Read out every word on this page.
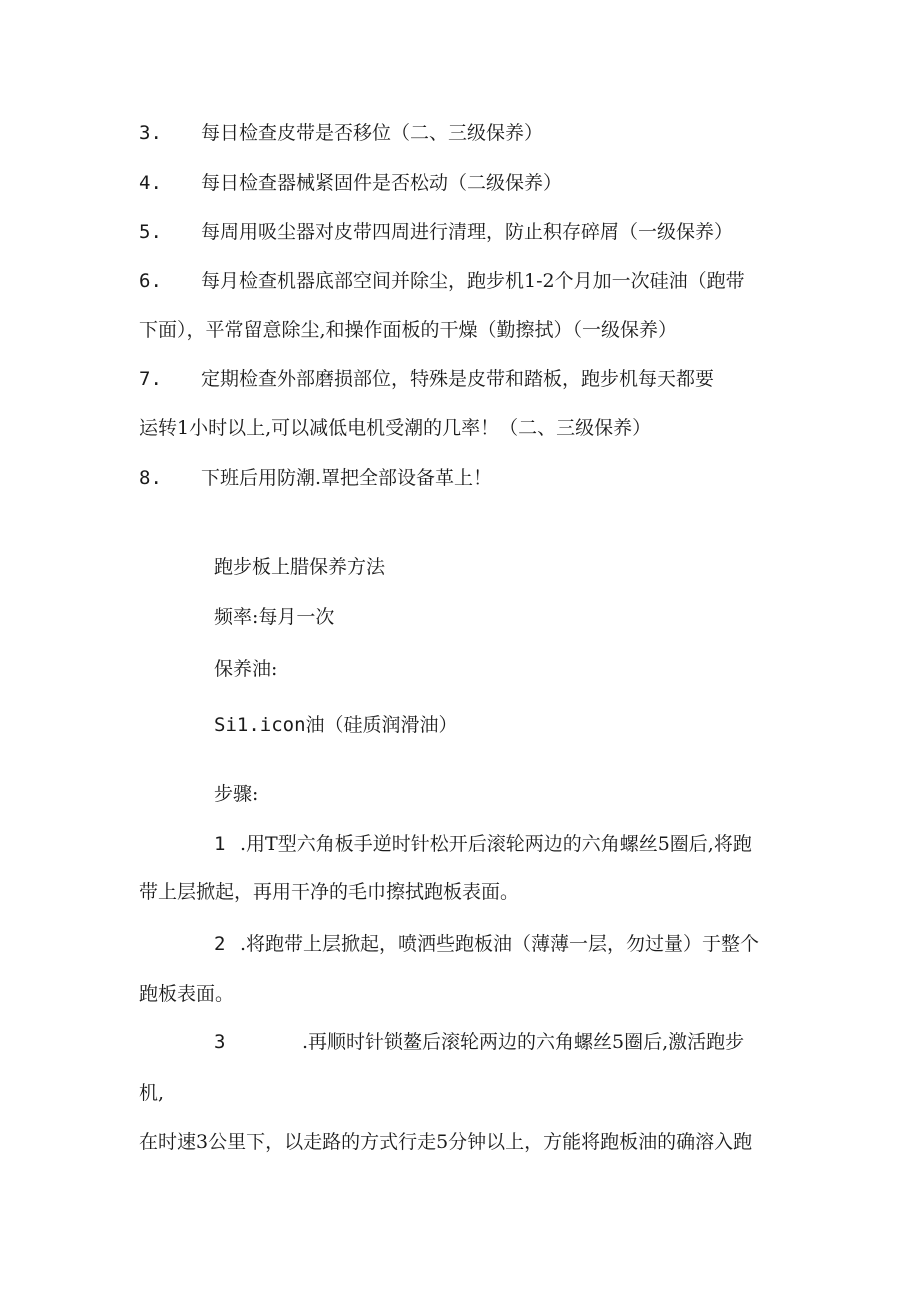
3. 每日检查皮带是否移位（二、三级保养）
4. 每日检查器械紧固件是否松动（二级保养）
5. 每周用吸尘器对皮带四周进行清理，防止积存碎屑（一级保养）
6. 每月检查机器底部空间并除尘，跑步机1-2个月加一次硅油（跑带
下面），平常留意除尘,和操作面板的干燥（勤擦拭）（一级保养）
7. 定期检查外部磨损部位，特殊是皮带和踏板，跑步机每天都要
运转1小时以上,可以减低电机受潮的几率！（二、三级保养）
8. 下班后用防潮.罩把全部设备革上！
跑步板上腊保养方法
频率:每月一次
保养油:
Si1.icon油（硅质润滑油）
步骤:
1 .用T型六角板手逆时针松开后滚轮两边的六角螺丝5圈后,将跑
带上层掀起，再用干净的毛巾擦拭跑板表面。
2 .将跑带上层掀起，喷洒些跑板油（薄薄一层，勿过量）于整个
跑板表面。
3	.再顺时针锁鳌后滚轮两边的六角螺丝5圈后,激活跑步
机,
在时速3公里下，以走路的方式行走5分钟以上，方能将跑板油的确溶入跑
